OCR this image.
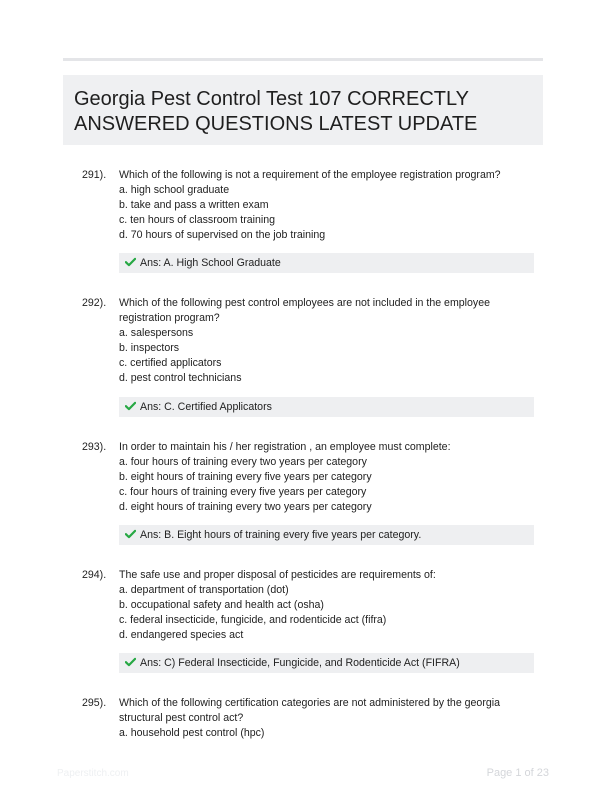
Georgia Pest Control Test 107 CORRECTLY ANSWERED QUESTIONS LATEST UPDATE
291). Which of the following is not a requirement of the employee registration program?

a. high school graduate
b. take and pass a written exam
c. ten hours of classroom training
d. 70 hours of supervised on the job training
Ans: A. High School Graduate
292). Which of the following pest control employees are not included in the employee registration program?

a. salespersons
b. inspectors
c. certified applicators
d. pest control technicians
Ans: C. Certified Applicators
293). In order to maintain his / her registration , an employee must complete:

a. four hours of training every two years per category
b. eight hours of training every five years per category
c. four hours of training every five years per category
d. eight hours of training every two years per category
Ans: B. Eight hours of training every five years per category.
294). The safe use and proper disposal of pesticides are requirements of:

a. department of transportation (dot)
b. occupational safety and health act (osha)
c. federal insecticide, fungicide, and rodenticide act (fifra)
d. endangered species act
Ans: C) Federal Insecticide, Fungicide, and Rodenticide Act (FIFRA)
295). Which of the following certification categories are not administered by the georgia structural pest control act?

a. household pest control (hpc)
Paperstitch.com	Page 1 of 23
